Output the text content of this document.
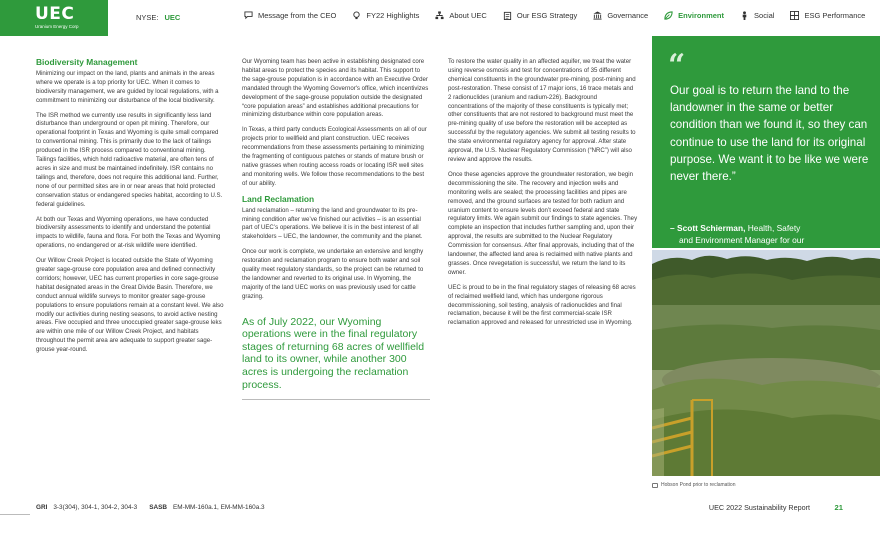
UEC
Uranium Energy Corp
NYSE: UEC	Message from the CEO	FY22 Highlights	About UEC	Our ESG Strategy	Governance	Environment	Social	ESG Performance
Biodiversity Management

Minimizing our impact on the land, plants and animals in the areas where we operate is a top priority for UEC. When it comes to biodiversity management, we are guided by local regulations, with a commitment to minimizing our disturbance of the local biodiversity.

The ISR method we currently use results in significantly less land disturbance than underground or open pit mining. Therefore, our operational footprint in Texas and Wyoming is quite small compared to conventional mining. This is primarily due to the lack of tailings produced in the ISR process compared to conventional mining. Tailings facilities, which hold radioactive material, are often tens of acres in size and must be maintained indefinitely. ISR contains no tailings and, therefore, does not require this additional land. Further, none of our permitted sites are in or near areas that hold protected conservation status or endangered species habitat, according to U.S. federal guidelines.

At both our Texas and Wyoming operations, we have conducted biodiversity assessments to identify and understand the potential impacts to wildlife, fauna and flora. For both the Texas and Wyoming operations, no endangered or at-risk wildlife were identified.

Our Willow Creek Project is located outside the State of Wyoming greater sage-grouse core population area and defined connectivity corridors; however, UEC has current properties in core sage-grouse habitat designated areas in the Great Divide Basin. Therefore, we conduct annual wildlife surveys to monitor greater sage-grouse populations to ensure populations remain at a constant level. We also modify our activities during nesting seasons, to avoid active nesting areas. Five occupied and three unoccupied greater sage-grouse leks are within one mile of our Willow Creek Project, and habitats throughout the permit area are adequate to support greater sage-grouse year-round.

Our Wyoming team has been active in establishing designated core habitat areas to protect the species and its habitat. This support to the sage-grouse population is in accordance with an Executive Order mandated through the Wyoming Governor's office, which incentivizes development of the sage-grouse population outside the designated “core population areas” and establishes additional precautions for minimizing disturbance within core population areas.

In Texas, a third party conducts Ecological Assessments on all of our projects prior to wellfield and plant construction. UEC receives recommendations from these assessments pertaining to minimizing the fragmenting of contiguous patches or stands of mature brush or native grasses when routing access roads or locating ISR well sites and monitoring wells. We follow those recommendations to the best of our ability.

Land Reclamation

Land reclamation – returning the land and groundwater to its pre-mining condition after we’ve finished our activities – is an essential part of UEC’s operations. We believe it is in the best interest of all stakeholders – UEC, the landowner, the community and the planet.

Once our work is complete, we undertake an extensive and lengthy restoration and reclamation program to ensure both water and soil quality meet regulatory standards, so the project can be returned to the landowner and reverted to its original use. In Wyoming, the majority of the land UEC works on was previously used for cattle grazing.

As of July 2022, our Wyoming operations were in the final regulatory stages of returning 68 acres of wellfield land to its owner, while another 300 acres is undergoing the reclamation process.

To restore the water quality in an affected aquifer, we treat the water using reverse osmosis and test for concentrations of 35 different chemical constituents in the groundwater pre-mining, post-mining and post-restoration. These consist of 17 major ions, 16 trace metals and 2 radionuclides (uranium and radium-226). Background concentrations of the majority of these constituents is typically met; other constituents that are not restored to background must meet the pre-mining quality of use before the restoration will be accepted as successful by the regulatory agencies. We submit all testing results to the state environmental regulatory agency for approval. After state approval, the U.S. Nuclear Regulatory Commission (“NRC”) will also review and approve the results.

Once these agencies approve the groundwater restoration, we begin decommissioning the site. The recovery and injection wells and monitoring wells are sealed; the processing facilities and pipes are removed, and the ground surfaces are tested for both radium and uranium content to ensure levels don’t exceed federal and state regulatory limits. We again submit our findings to state agencies. They complete an inspection that includes further sampling and, upon their approval, the results are submitted to the Nuclear Regulatory Commission for consensus. After final approvals, including that of the landowner, the affected land area is reclaimed with native plants and grasses. Once revegetation is successful, we return the land to its owner.

UEC is proud to be in the final regulatory stages of releasing 68 acres of reclaimed wellfield land, which has undergone rigorous decommissioning, soil testing, analysis of radionuclides and final reclamation, because it will be the first commercial-scale ISR reclamation approved and released for unrestricted use in Wyoming.

“
Our goal is to return the land to the landowner in the same or better condition than we found it, so they can continue to use the land for its original purpose. We want it to be like we were never there.”
– Scott Schierman, Health, Safety
and Environment Manager for our
Hobson Pond prior to reclamation
GRI 3-3(304), 304-1, 304-2, 304-3 SASB EM-MM-160a.1, EM-MM-160a.3	UEC 2022 Sustainability Report	21
